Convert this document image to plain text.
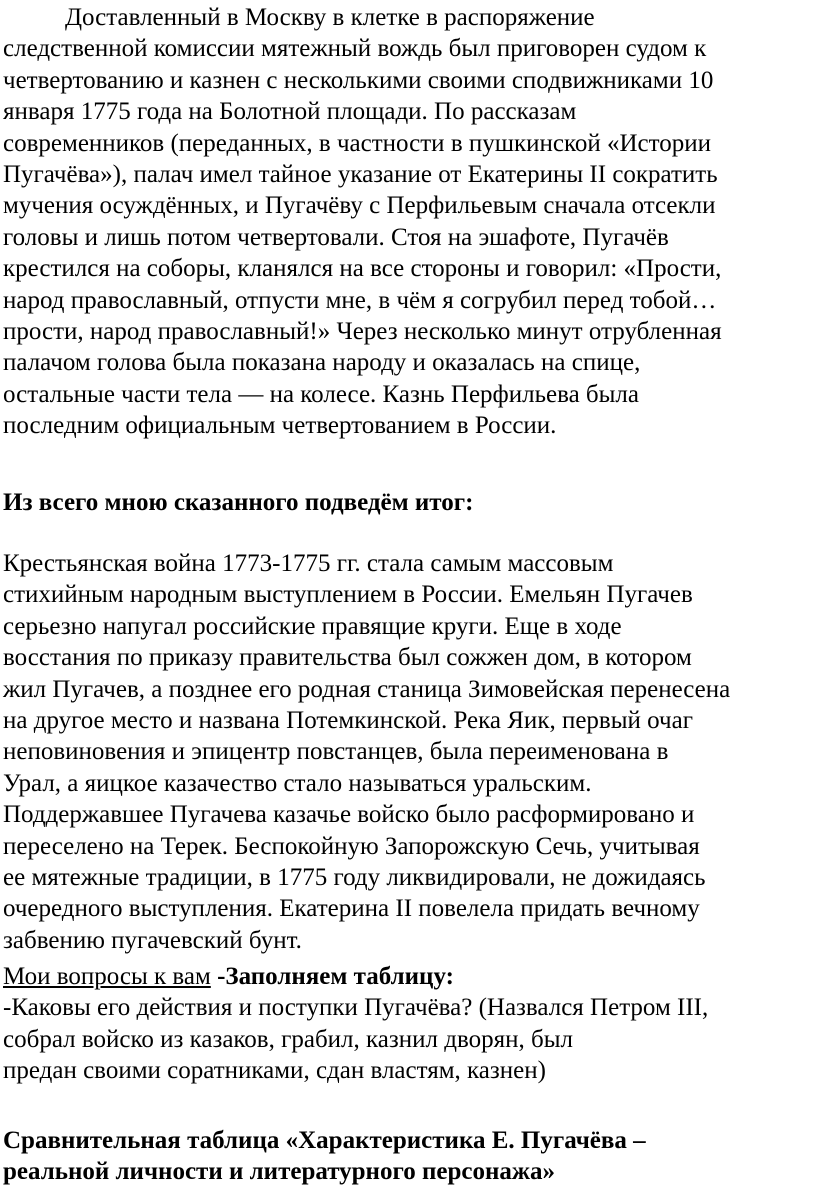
Доставленный в Москву в клетке в распоряжение
следственной комиссии мятежный вождь был приговорен судом к
четвертованию и казнен с несколькими своими сподвижниками 10
января 1775 года на Болотной площади. По рассказам
современников (переданных, в частности в пушкинской «Истории
Пугачёва»), палач имел тайное указание от Екатерины II сократить
мучения осуждённых, и Пугачёву с Перфильевым сначала отсекли
головы и лишь потом четвертовали. Стоя на эшафоте, Пугачёв
крестился на соборы, кланялся на все стороны и говорил: «Прости,
народ православный, отпусти мне, в чём я согрубил перед тобой…
прости, народ православный!» Через несколько минут отрубленная
палачом голова была показана народу и оказалась на спице,
остальные части тела — на колесе. Казнь Перфильева была
последним официальным четвертованием в России.
Из всего мною сказанного подведём итог:
Крестьянская война 1773-1775 гг. стала самым массовым
стихийным народным выступлением в России. Емельян Пугачев
серьезно напугал российские правящие круги. Еще в ходе
восстания по приказу правительства был сожжен дом, в котором
жил Пугачев, а позднее его родная станица Зимовейская перенесена
на другое место и названа Потемкинской. Река Яик, первый очаг
неповиновения и эпицентр повстанцев, была переименована в
Урал, а яицкое казачество стало называться уральским.
Поддержавшее Пугачева казачье войско было расформировано и
переселено на Терек. Беспокойную Запорожскую Сечь, учитывая
ее мятежные традиции, в 1775 году ликвидировали, не дожидаясь
очередного выступления. Екатерина II повелела придать вечному
забвению пугачевский бунт.
Мои вопросы к вам -Заполняем таблицу:
-Каковы его действия и поступки Пугачёва? (Назвался Петром III,
собрал войско из казаков, грабил, казнил дворян, был
предан своими соратниками, сдан властям, казнен)
Сравнительная таблица «Характеристика Е. Пугачёва –
реальной личности и литературного персонажа»
